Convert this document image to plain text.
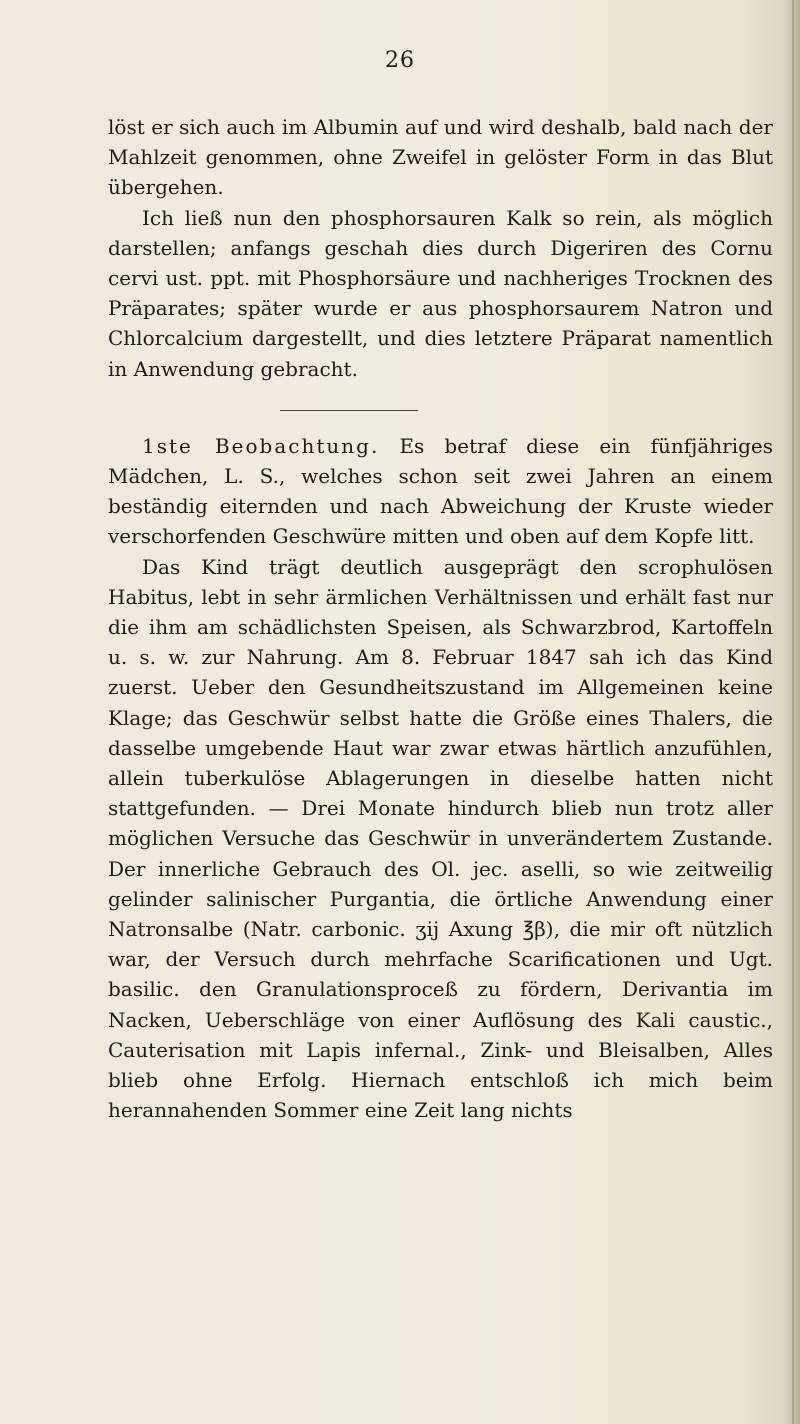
26

löst er sich auch im Albumin auf und wird deshalb, bald nach der Mahlzeit genommen, ohne Zweifel in gelöster Form in das Blut übergehen.

Ich ließ nun den phosphorsauren Kalk so rein, als möglich darstellen; anfangs geschah dies durch Digeriren des Cornu cervi ust. ppt. mit Phosphorsäure und nachheriges Trocknen des Präparates; später wurde er aus phosphorsaurem Natron und Chlorcalcium dargestellt, und dies letztere Präparat namentlich in Anwendung gebracht.

1ste Beobachtung. Es betraf diese ein fünfjähriges Mädchen, L. S., welches schon seit zwei Jahren an einem beständig eiternden und nach Abweichung der Kruste wieder verschorfenden Geschwüre mitten und oben auf dem Kopfe litt.

Das Kind trägt deutlich ausgeprägt den scrophulösen Habitus, lebt in sehr ärmlichen Verhältnissen und erhält fast nur die ihm am schädlichsten Speisen, als Schwarzbrod, Kartoffeln u. s. w. zur Nahrung. Am 8. Februar 1847 sah ich das Kind zuerst. Ueber den Gesundheitszustand im Allgemeinen keine Klage; das Geschwür selbst hatte die Größe eines Thalers, die dasselbe umgebende Haut war zwar etwas härtlich anzufühlen, allein tuberkulöse Ablagerungen in dieselbe hatten nicht stattgefunden. — Drei Monate hindurch blieb nun trotz aller möglichen Versuche das Geschwür in unverändertem Zustande. Der innerliche Gebrauch des Ol. jec. aselli, so wie zeitweilig gelinder salinischer Purgantia, die örtliche Anwendung einer Natronsalbe (Natr. carbonic. ʒij Axung ℥β), die mir oft nützlich war, der Versuch durch mehrfache Scarificationen und Ugt. basilic. den Granulationsproceß zu fördern, Derivantia im Nacken, Ueberschläge von einer Auflösung des Kali caustic., Cauterisation mit Lapis infernal., Zink- und Bleisalben, Alles blieb ohne Erfolg. Hiernach entschloß ich mich beim herannahenden Sommer eine Zeit lang nichts
